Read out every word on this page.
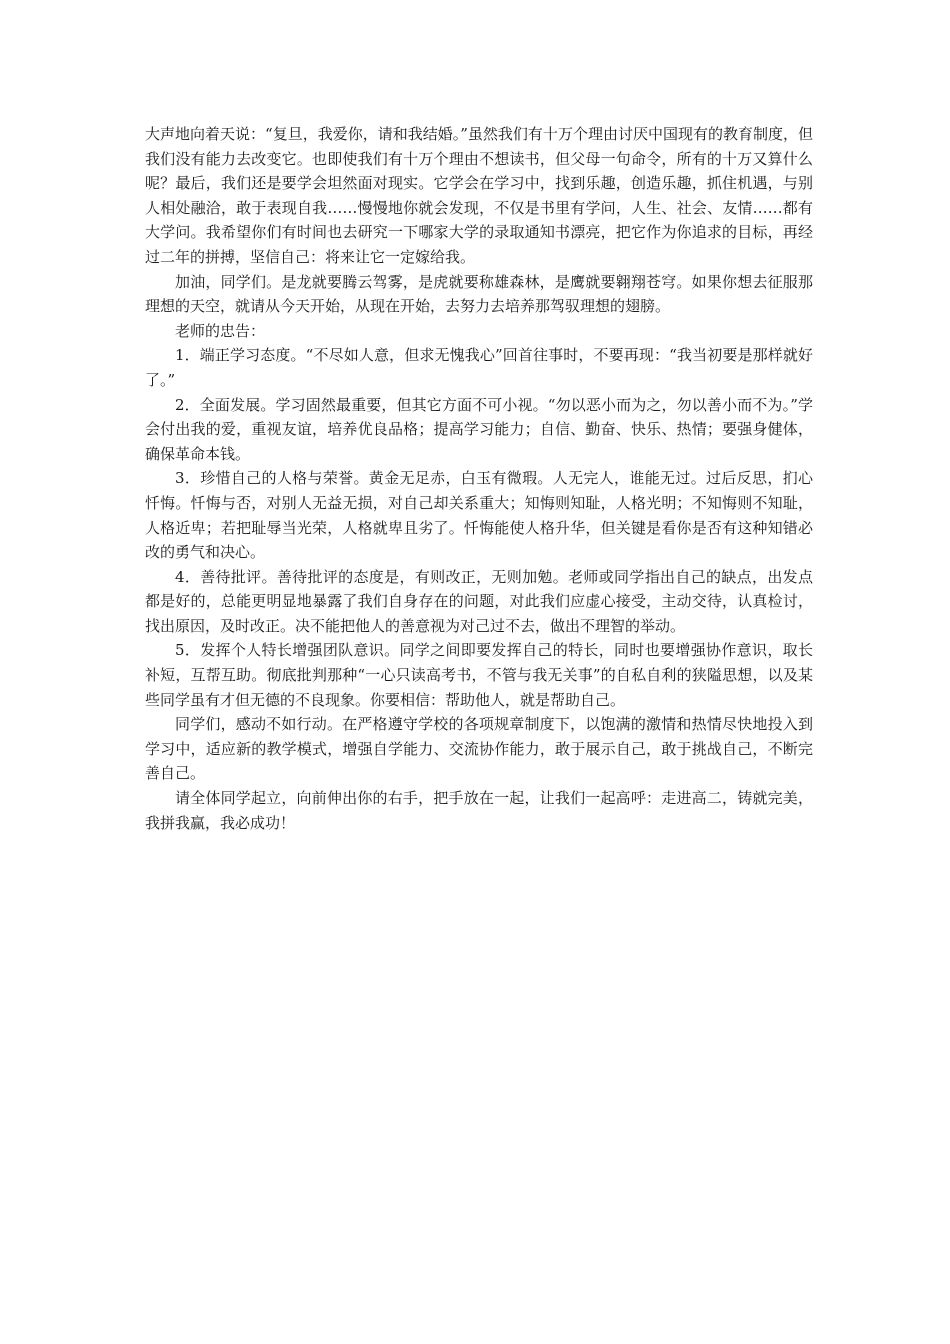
大声地向着天说：“复旦，我爱你，请和我结婚。”虽然我们有十万个理由讨厌中国现有的教育制度，但我们没有能力去改变它。也即使我们有十万个理由不想读书，但父母一句命令，所有的十万又算什么呢？最后，我们还是要学会坦然面对现实。它学会在学习中，找到乐趣，创造乐趣，抓住机遇，与别人相处融洽，敢于表现自我……慢慢地你就会发现，不仅是书里有学问，人生、社会、友情……都有大学问。我希望你们有时间也去研究一下哪家大学的录取通知书漂亮，把它作为你追求的目标，再经过二年的拼搏，坚信自己：将来让它一定嫁给我。

加油，同学们。是龙就要腾云驾雾，是虎就要称雄森林，是鹰就要翱翔苍穹。如果你想去征服那理想的天空，就请从今天开始，从现在开始，去努力去培养那驾驭理想的翅膀。

老师的忠告：

1．端正学习态度。“不尽如人意，但求无愧我心”回首往事时，不要再现：“我当初要是那样就好了。”

2．全面发展。学习固然最重要，但其它方面不可小视。“勿以恶小而为之，勿以善小而不为。”学会付出我的爱，重视友谊，培养优良品格；提高学习能力；自信、勤奋、快乐、热情；要强身健体，确保革命本钱。

3．珍惜自己的人格与荣誉。黄金无足赤，白玉有微瑕。人无完人，谁能无过。过后反思，扪心忏悔。忏悔与否，对别人无益无损，对自己却关系重大；知悔则知耻，人格光明；不知悔则不知耻，人格近卑；若把耻辱当光荣，人格就卑且劣了。忏悔能使人格升华，但关键是看你是否有这种知错必改的勇气和决心。

4．善待批评。善待批评的态度是，有则改正，无则加勉。老师或同学指出自己的缺点，出发点都是好的，总能更明显地暴露了我们自身存在的问题，对此我们应虚心接受，主动交待，认真检讨，找出原因，及时改正。决不能把他人的善意视为对己过不去，做出不理智的举动。

5．发挥个人特长增强团队意识。同学之间即要发挥自己的特长，同时也要增强协作意识，取长补短，互帮互助。彻底批判那种“一心只读高考书，不管与我无关事”的自私自利的狭隘思想，以及某些同学虽有才但无德的不良现象。你要相信：帮助他人，就是帮助自己。

同学们，感动不如行动。在严格遵守学校的各项规章制度下，以饱满的激情和热情尽快地投入到学习中，适应新的教学模式，增强自学能力、交流协作能力，敢于展示自己，敢于挑战自己，不断完善自己。

请全体同学起立，向前伸出你的右手，把手放在一起，让我们一起高呼：走进高二，铸就完美，我拼我赢，我必成功！
